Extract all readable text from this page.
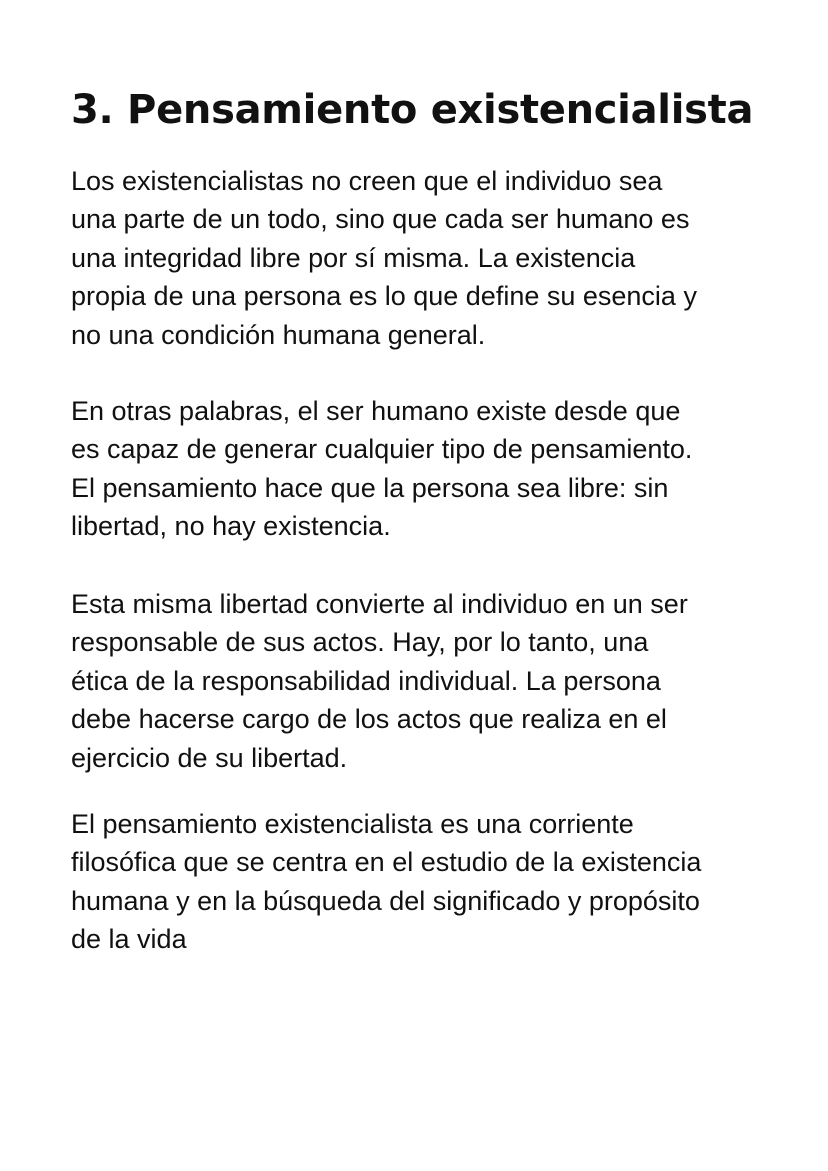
3. Pensamiento existencialista

Los existencialistas no creen que el individuo sea
una parte de un todo, sino que cada ser humano es
una integridad libre por sí misma. La existencia
propia de una persona es lo que define su esencia y
no una condición humana general.

En otras palabras, el ser humano existe desde que
es capaz de generar cualquier tipo de pensamiento.
El pensamiento hace que la persona sea libre: sin
libertad, no hay existencia.

Esta misma libertad convierte al individuo en un ser
responsable de sus actos. Hay, por lo tanto, una
ética de la responsabilidad individual. La persona
debe hacerse cargo de los actos que realiza en el
ejercicio de su libertad.

El pensamiento existencialista es una corriente
filosófica que se centra en el estudio de la existencia
humana y en la búsqueda del significado y propósito
de la vida
